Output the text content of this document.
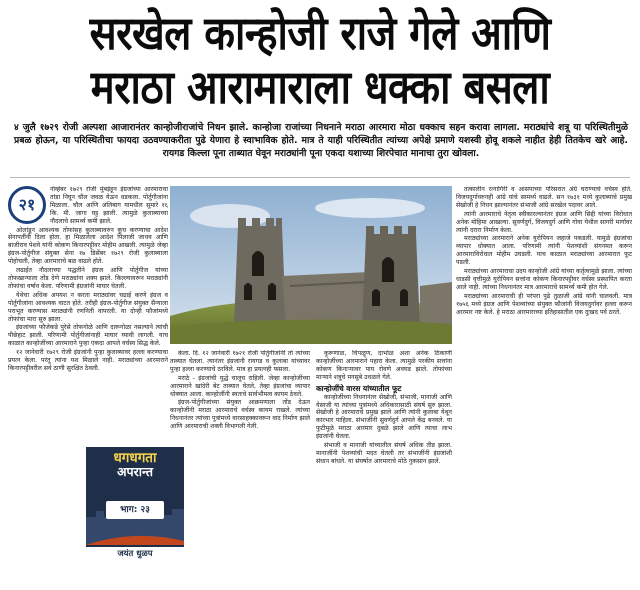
सरखेल कान्होजी राजे गेले आणि
मराठा आरामाराला धक्का बसला
४ जुलै १७२९ रोजी अल्पशा आजारानंतर कान्होजीराजांचे निधन झाले. कान्होजा राजांच्या निधनाने मराठा आरमारा मोठा धक्काच सहन करावा लागला. मराठ्यांचे शत्रू या परिस्थितीमुळे प्रबळ होऊन, या परिस्थितीचा फायदा उठवण्याकरीता पुढे येणारा हे स्वाभाविक होते. मात्र ते याही परिस्थितीत त्यांच्या अपेक्षे प्रमाणे यशस्वी होवू शकले नाहीत हेही तितकेच खरे आहे. रायगड किल्ला पूना ताब्यात घेवून मराठ्यांनी पूना एकदा यशाच्या शिरपेचात मानाचा तुरा खोवला.
२१

नोव्हेंबर १७२९ रोजी मुंबईहून इंग्रजांच्या आरमाराचा तांडा निघून चौल जवळ येऊन धडकला. पोर्तुगीजांना मिळाला. चौल आणि अलिबाग यामधील सुमारे १६ कि. मी. जागा घट्ट झाली. त्यामुळे कुलाब्याच्या नौदलाचे सामर्थ्य कमी झाले.

ओलांडून आवश्यक तोफांसह कुलाब्यावरुन कूच करण्याचा आदेश सेनापतींनी दिला होता. हा मिळालेला आदेश पिलाजी जाधव आणि बाजीराव पेशवे यांनी कोकण किनारपट्टीवर मोहीम आखली. त्यामुळे जेव्हा इंग्रज-पोर्तुगीज संयुक्त सेना १७ डिसेंबर १७२९ रोजी कुलाब्याला पोहोचली, तेव्हा आरमाराचे बळ वाढले होते.

लढाईत नौदलाच्या पद्धतीने इंग्रज आणि पोर्तुगीज यांच्या तोफखान्याला तोंड देणे मराठ्यांना शक्य झाले. किल्ल्यावरून मराठ्यांनी तोफांचा वर्षाव केला. परिणामी इंग्रजांनी माघार घेतली.

येथेचा अधिक अपयश न करता मराठ्यांवर चढाई करणे इंग्रज व पोर्तुगीजांना आवश्यक वाटत होते. तरीही इंग्रज-पोर्तुगीज संयुक्त सैन्याला पराभूत करण्यास मराठ्यांनी रणनिती वापरली. या दोन्ही फौजांमध्ये तोफांचा मारा सुरु झाला.

इंग्रजांच्या फौजेकडे पुरेसे तोफगोळे आणि दारूगोळा नसल्याने त्यांची पीछेहाट झाली. परिणामी पोर्तुगीजांनाही माघार घ्यावी लागली. याच काळात कान्होजींच्या आरमाराने पुन्हा एकदा आपले वर्चस्व सिद्ध केले.

१२ जानेवारी १७२९ रोजी इंग्रजांनी पुन्हा कुलाब्यावर हल्ला करण्याचा प्रयत्न केला. परंतु त्यांना यश मिळाले नाही. मराठ्यांच्या आरमाराने किनारपट्टीवरील सर्व ठाणी सुरक्षित ठेवली.

केला. दि. १२ जानेवारी १७२१ रोजी पोर्तुगीजांनी तो त्यांच्या ताब्यात घेतला. त्यानंतर इंग्रजांनी रायगड व कुलाबा यांच्यावर पुन्हा हल्ला करण्याचे ठरविले. मात्र हा प्रयत्नही फसला.

मराठे - इंग्रजांची युद्धे चालूच राहिली. जेव्हा कान्होजींच्या आरमाराने खांदेरी बेट ताब्यात घेतले, तेव्हा इंग्रजांचा व्यापार धोक्यात आला. कान्होजींनी स्वतःचे सार्वभौमत्व कायम ठेवले.

इंग्रज-पोर्तुगीजांच्या संयुक्त आक्रमणाला तोंड देऊन कान्होजींनी मराठा आरमाराचे वर्चस्व कायम राखले. त्यांच्या निधनानंतर त्यांच्या पुत्रांमध्ये वारसाहक्कावरून वाद निर्माण झाले आणि आरमाराची शक्ती विभागली गेली.

कुरूणाळ, चिपळूण, दाभोळ अशा अनेक ठिकाणी कान्होजींच्या आरमाराने पहारा केला. त्यामुळे परकीय सत्तांना कोकण किनाऱ्यावर पाय रोवणे अवघड झाले. तोफांच्या माऱ्याने शत्रूचे मनसुबे उधळले गेले.

कान्होजींचे वारस यांच्यातील फूट

कान्होजींच्या निधनानंतर सेखोजी, संभाजी, मानाजी आणि येसाजी या त्यांच्या पुत्रांमध्ये अधिकारासाठी संघर्ष सुरु झाला. सेखोजी हे आरमाराचे प्रमुख झाले आणि त्यांनी कुलाबा येथून कारभार पाहिला. संभाजींनी सुवर्णदुर्ग आपले केंद्र बनवले. या फुटीमुळे मराठा आरमार दुबळे झाले आणि त्याचा लाभ इंग्रजांनी घेतला.

संभाजी व मानाजी यांच्यातील संघर्ष अधिक तीव्र झाला. मानाजींनी पेशव्यांची मदत घेतली तर संभाजींनी इंग्रजांशी संधान बांधले. या संघर्षात आरमाराचे मोठे नुकसान झाले.

तत्कालीन रत्नागिरी व आसपाच्या परिसरात अंग्रे घराण्याचे वर्चस्व होते. विजयदुर्गावरुनही आंग्रे यांचे सामर्थ्य वाढले. सन १७३१ मध्ये कुलाब्याचे प्रमुख सेखोजी हे निधन झाल्यानंतर संभाजी आंग्रे सरखेल पदावर आले.

त्यांनी आरमाराचे नेतृत्व स्वीकारल्यानंतर इंग्रज आणि सिद्दी यांच्या विरोधात अनेक मोहिमा आखल्या. सुवर्णदुर्ग, विजयदुर्ग आणि गोवा येथील सागरी मार्गावर त्यांनी दरारा निर्माण केला.

मराठ्यांच्या आरमाराने अनेक युरोपियन जहाजे पकडली. यामुळे इंग्रजांचा व्यापार धोक्यात आला. परिणामी त्यांनी पेशव्यांशी संगनमत करून आरमाराविरोधात मोहीम उघडली. याच काळात मराठ्यांच्या आरमारात फूट पडली.

मराठ्यांच्या आरमाराचा उदय कान्होजी आंग्रे यांच्या कर्तृत्वामुळे झाला. त्यांच्या धाडसी वृत्तीमुळे युरोपियन सत्तांना कोकण किनारपट्टीवर वर्चस्व प्रस्थापित करता आले नाही. त्यांच्या निधनानंतर मात्र आरमाराचे सामर्थ्य कमी होत गेले.

मराठ्यांच्या आरमाराची ही परंपरा पुढे तुळाजी आंग्रे यांनी चालवली. मात्र १७५६ मध्ये इंग्रज आणि पेशव्यांच्या संयुक्त फौजांनी विजयदुर्गावर हल्ला करून आरमार नष्ट केले. हे मराठा आरमाराच्या इतिहासातील एक दुःखद पर्व ठरले.

धगधगता
अपरान्त
भाग: २३
जयंत धुळप
